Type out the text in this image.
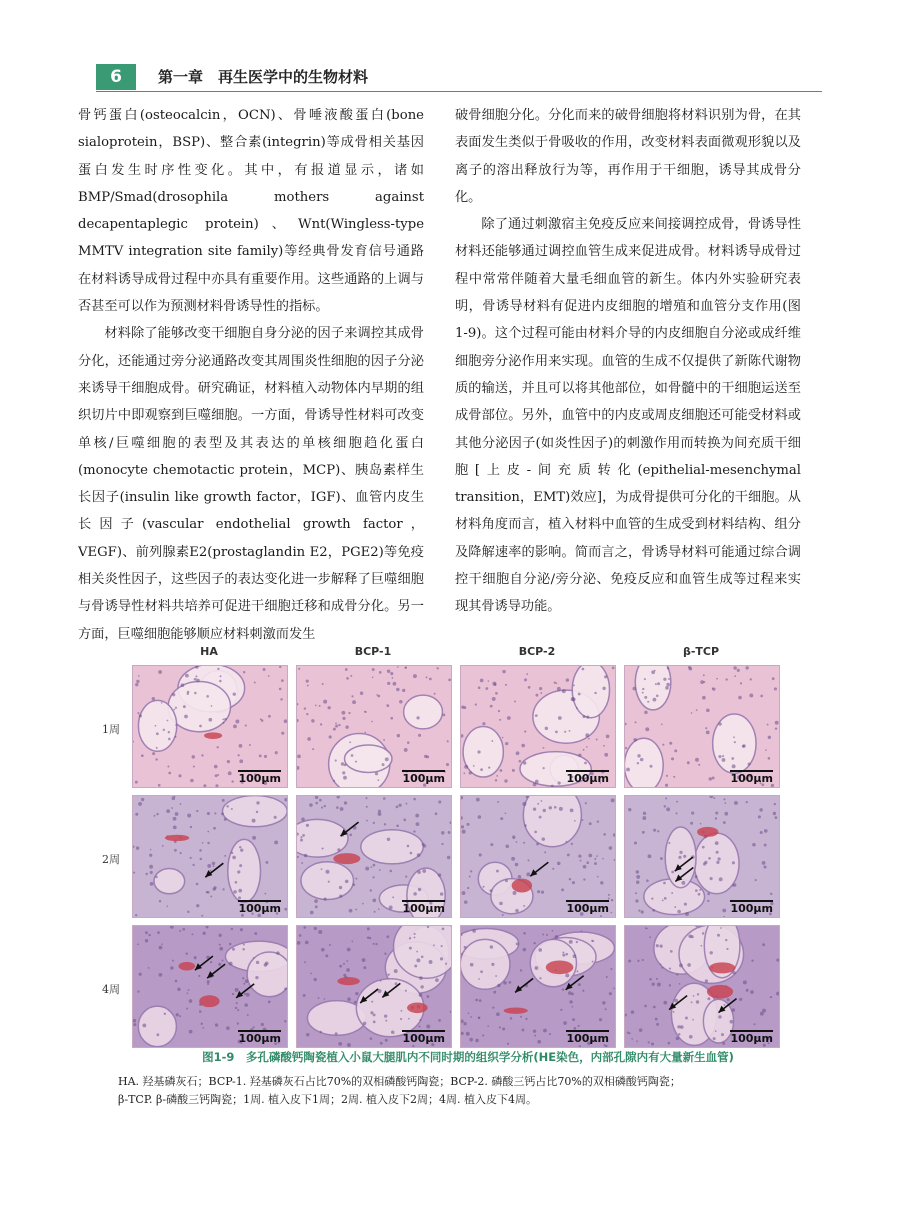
6	第一章　再生医学中的生物材料

骨钙蛋白(osteocalcin，OCN)、骨唾液酸蛋白(bone sialoprotein，BSP)、整合素(integrin)等成骨相关基因蛋白发生时序性变化。其中，有报道显示，诸如BMP/Smad(drosophila mothers against decapentaplegic protein)、Wnt(Wingless-type MMTV integration site family)等经典骨发育信号通路在材料诱导成骨过程中亦具有重要作用。这些通路的上调与否甚至可以作为预测材料骨诱导性的指标。

材料除了能够改变干细胞自身分泌的因子来调控其成骨分化，还能通过旁分泌通路改变其周围炎性细胞的因子分泌来诱导干细胞成骨。研究确证，材料植入动物体内早期的组织切片中即观察到巨噬细胞。一方面，骨诱导性材料可改变单核/巨噬细胞的表型及其表达的单核细胞趋化蛋白(monocyte chemotactic protein，MCP)、胰岛素样生长因子(insulin like growth factor，IGF)、血管内皮生长因子(vascular endothelial growth factor，VEGF)、前列腺素E2(prostaglandin E2，PGE2)等免疫相关炎性因子，这些因子的表达变化进一步解释了巨噬细胞与骨诱导性材料共培养可促进干细胞迁移和成骨分化。另一方面，巨噬细胞能够顺应材料刺激而发生

破骨细胞分化。分化而来的破骨细胞将材料识别为骨，在其表面发生类似于骨吸收的作用，改变材料表面微观形貌以及离子的溶出释放行为等，再作用于干细胞，诱导其成骨分化。

除了通过刺激宿主免疫反应来间接调控成骨，骨诱导性材料还能够通过调控血管生成来促进成骨。材料诱导成骨过程中常常伴随着大量毛细血管的新生。体内外实验研究表明，骨诱导材料有促进内皮细胞的增殖和血管分支作用(图1-9)。这个过程可能由材料介导的内皮细胞自分泌或成纤维细胞旁分泌作用来实现。血管的生成不仅提供了新陈代谢物质的输送，并且可以将其他部位，如骨髓中的干细胞运送至成骨部位。另外，血管中的内皮或周皮细胞还可能受材料或其他分泌因子(如炎性因子)的刺激作用而转换为间充质干细胞[上皮-间充质转化(epithelial-mesenchymal transition，EMT)效应]，为成骨提供可分化的干细胞。从材料角度而言，植入材料中血管的生成受到材料结构、组分及降解速率的影响。简而言之，骨诱导材料可能通过综合调控干细胞自分泌/旁分泌、免疫反应和血管生成等过程来实现其骨诱导功能。

HA	BCP-1	BCP-2	β-TCP
1周
2周
4周
100μm	100μm	100μm	100μm
100μm	100μm	100μm	100μm
100μm	100μm	100μm	100μm
图1-9　多孔磷酸钙陶瓷植入小鼠大腿肌内不同时期的组织学分析(HE染色，内部孔隙内有大量新生血管)
HA. 羟基磷灰石；BCP-1. 羟基磷灰石占比70%的双相磷酸钙陶瓷；BCP-2. 磷酸三钙占比70%的双相磷酸钙陶瓷；
β-TCP. β-磷酸三钙陶瓷；1周. 植入皮下1周；2周. 植入皮下2周；4周. 植入皮下4周。
